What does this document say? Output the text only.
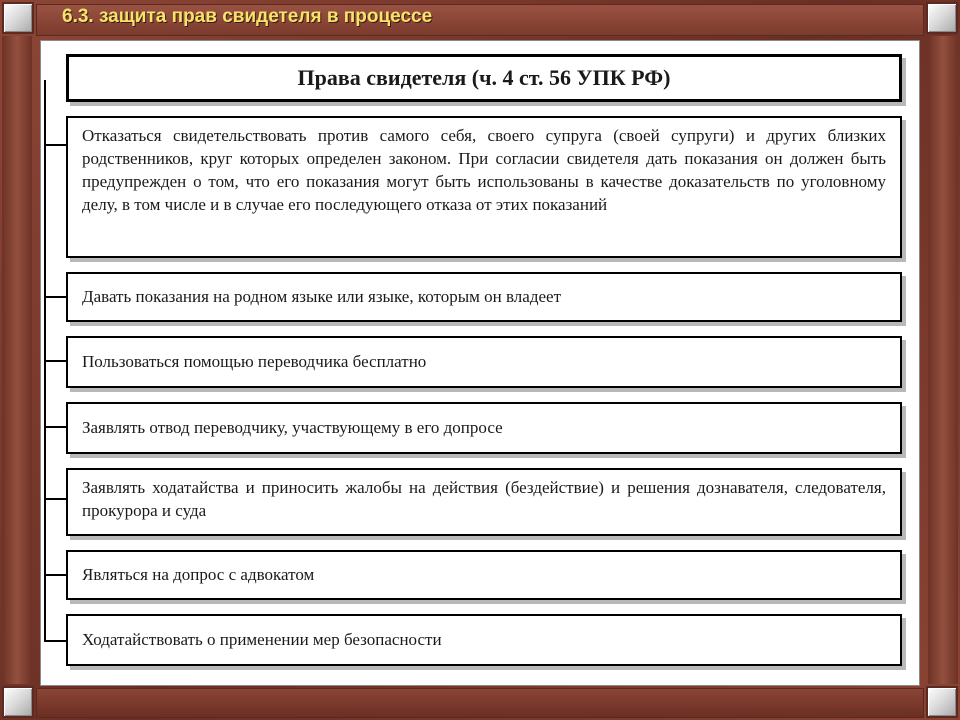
6.3. защита прав свидетеля в процессе
Права свидетеля (ч. 4 ст. 56 УПК РФ)
Отказаться свидетельствовать против самого себя, своего супруга (своей супруги) и других близких родственников, круг которых определен законом. При согласии свидетеля дать показания он должен быть предупрежден о том, что его показания могут быть использованы в качестве доказательств по уголовному делу, в том числе и в случае его последующего отказа от этих показаний
Давать показания на родном языке или языке, которым он владеет
Пользоваться помощью переводчика бесплатно
Заявлять отвод переводчику, участвующему в его допросе
Заявлять ходатайства и приносить жалобы на действия (бездействие) и решения дознавателя, следователя, прокурора и суда
Являться на допрос с адвокатом
Ходатайствовать о применении мер безопасности
